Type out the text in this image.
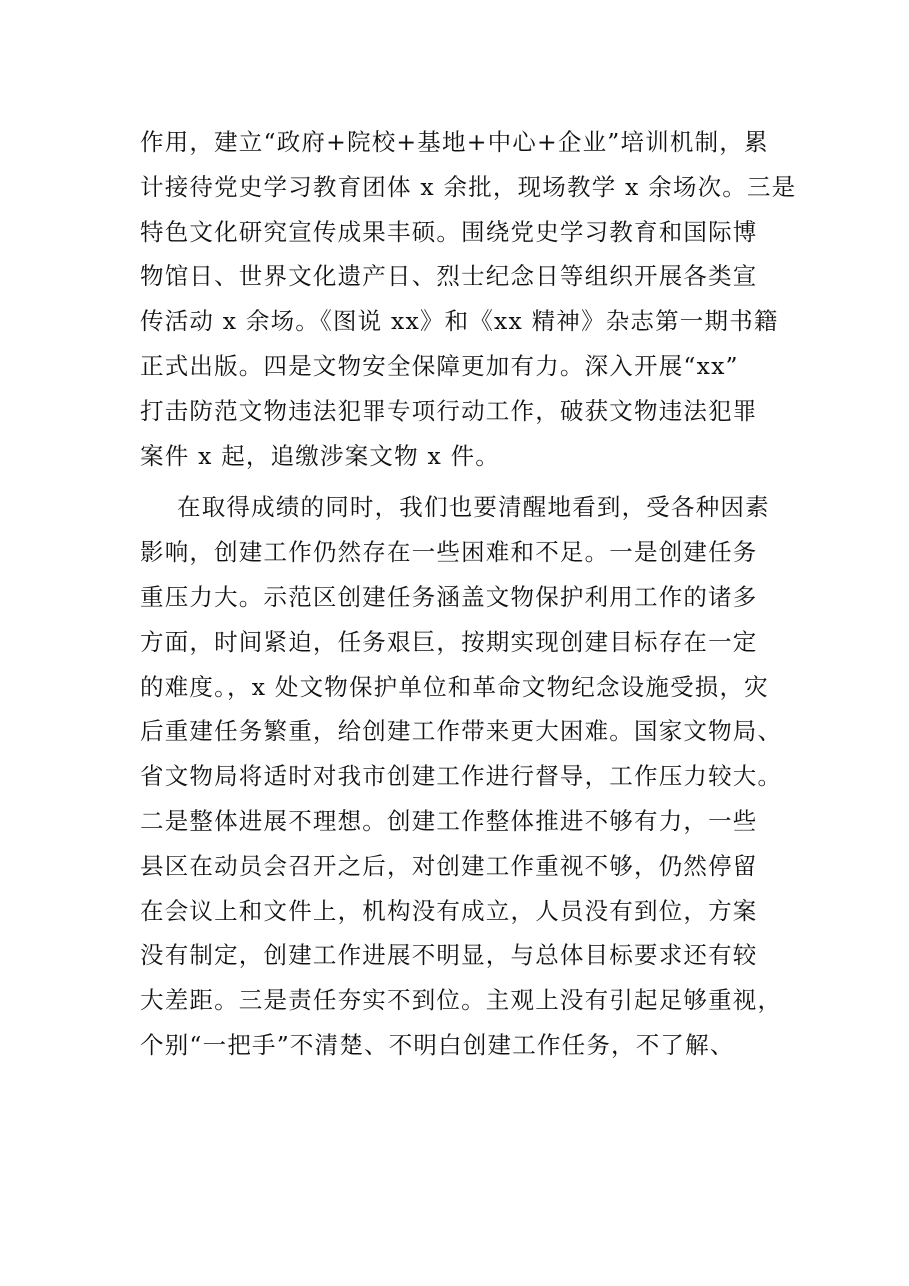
作用，建立“政府+院校+基地+中心+企业”培训机制，累
计接待党史学习教育团体 x 余批，现场教学 x 余场次。三是
特色文化研究宣传成果丰硕。围绕党史学习教育和国际博
物馆日、世界文化遗产日、烈士纪念日等组织开展各类宣
传活动 x 余场。《图说 xx》和《xx 精神》杂志第一期书籍
正式出版。四是文物安全保障更加有力。深入开展“xx”
打击防范文物违法犯罪专项行动工作，破获文物违法犯罪
案件 x 起，追缴涉案文物 x 件。
在取得成绩的同时，我们也要清醒地看到，受各种因素
影响，创建工作仍然存在一些困难和不足。一是创建任务
重压力大。示范区创建任务涵盖文物保护利用工作的诸多
方面，时间紧迫，任务艰巨，按期实现创建目标存在一定
的难度。，x 处文物保护单位和革命文物纪念设施受损，灾
后重建任务繁重，给创建工作带来更大困难。国家文物局、
省文物局将适时对我市创建工作进行督导，工作压力较大。
二是整体进展不理想。创建工作整体推进不够有力，一些
县区在动员会召开之后，对创建工作重视不够，仍然停留
在会议上和文件上，机构没有成立，人员没有到位，方案
没有制定，创建工作进展不明显，与总体目标要求还有较
大差距。三是责任夯实不到位。主观上没有引起足够重视，
个别“一把手”不清楚、不明白创建工作任务，不了解、
